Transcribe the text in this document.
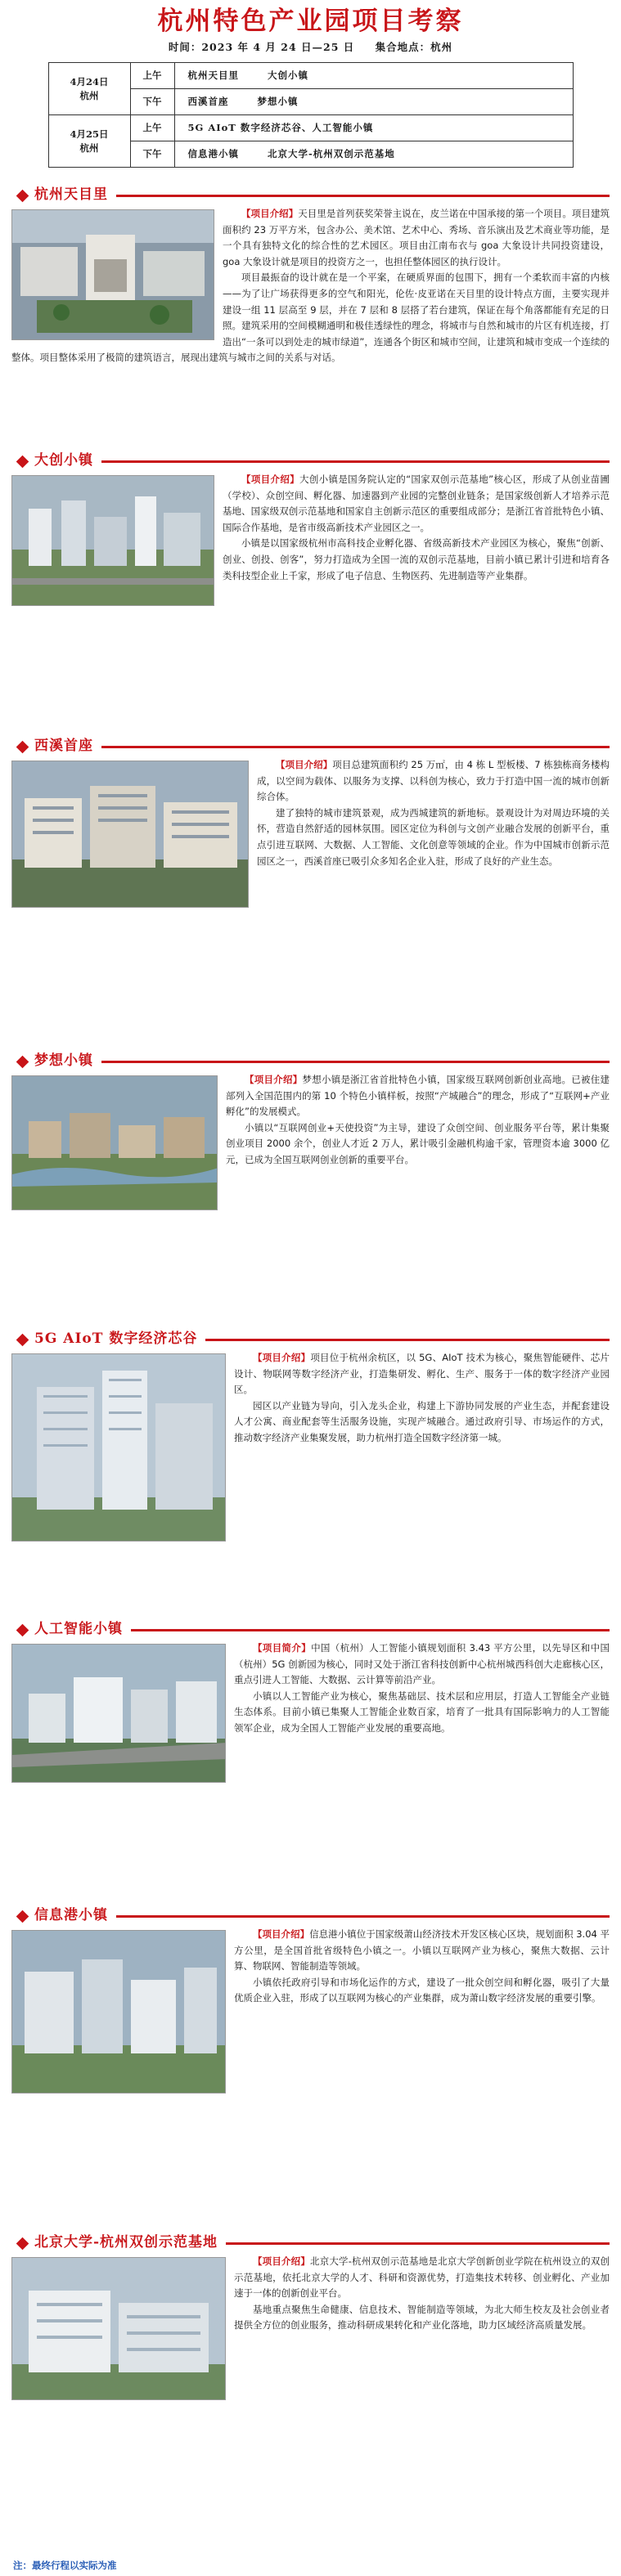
杭州特色产业园项目考察
时间：2023 年 4 月 24 日—25 日 集合地点：杭州
4月24日
杭州	上午	杭州天目里 大创小镇
	下午	西溪首座 梦想小镇

4月25日
杭州	上午	5G AIoT 数字经济芯谷、人工智能小镇
	下午	信息港小镇 北京大学-杭州双创示范基地
杭州天目里

【项目介绍】天目里是首列获奖荣誉主说在，皮兰诺在中国承接的第一个项目。项目建筑面积约 23 万平方米，包含办公、美术馆、艺术中心、秀场、音乐演出及艺术商业等功能，是一个具有独特文化的综合性的艺术园区。项目由江南布衣与 goa 大象设计共同投资建设，goa 大象设计就是项目的投资方之一，也担任整体园区的执行设计。

项目最振奋的设计就在是一个平案，在硬质界面的包围下，拥有一个柔软而丰富的内核——为了让广场获得更多的空气和阳光，伦佐·皮亚诺在天目里的设计特点方面，主要实现并建设一组 11 层高至 9 层，并在 7 层和 8 层搭了若台建筑，保证在每个角落都能有充足的日照。建筑采用的空间模糊通明和极佳透绿性的理念，将城市与自然和城市的片区有机连接，打造出“一条可以到处走的城市绿道”，连通各个街区和城市空间，让建筑和城市变成一个连续的整体。项目整体采用了极简的建筑语言，展现出建筑与城市之间的关系与对话。

大创小镇

【项目介绍】大创小镇是国务院认定的“国家双创示范基地”核心区，形成了从创业苗圃（学校）、众创空间、孵化器、加速器到产业园的完整创业链条；是国家级创新人才培养示范基地、国家级双创示范基地和国家自主创新示范区的重要组成部分；是浙江省首批特色小镇、国际合作基地，是省市级高新技术产业园区之一。

小镇是以国家级杭州市高科技企业孵化器、省级高新技术产业园区为核心，聚焦“创新、创业、创投、创客”，努力打造成为全国一流的双创示范基地，目前小镇已累计引进和培育各类科技型企业上千家，形成了电子信息、生物医药、先进制造等产业集群。

西溪首座

【项目介绍】项目总建筑面积约 25 万㎡，由 4 栋 L 型板楼、7 栋独栋商务楼构成，以空间为载体、以服务为支撑、以科创为核心，致力于打造中国一流的城市创新综合体。

建了独特的城市建筑景观，成为西城建筑的新地标。景观设计为对周边环境的关怀，营造自然舒适的园林氛围。园区定位为科创与文创产业融合发展的创新平台，重点引进互联网、大数据、人工智能、文化创意等领域的企业。作为中国城市创新示范园区之一，西溪首座已吸引众多知名企业入驻，形成了良好的产业生态。

梦想小镇

【项目介绍】梦想小镇是浙江省首批特色小镇，国家级互联网创新创业高地。已被住建部列入全国范围内的第 10 个特色小镇样板，按照“产城融合”的理念，形成了“互联网+产业孵化”的发展模式。

小镇以“互联网创业+天使投资”为主导，建设了众创空间、创业服务平台等，累计集聚创业项目 2000 余个，创业人才近 2 万人，累计吸引金融机构逾千家，管理资本逾 3000 亿元，已成为全国互联网创业创新的重要平台。

5G AIoT 数字经济芯谷

【项目介绍】项目位于杭州余杭区，以 5G、AIoT 技术为核心，聚焦智能硬件、芯片设计、物联网等数字经济产业，打造集研发、孵化、生产、服务于一体的数字经济产业园区。

园区以产业链为导向，引入龙头企业，构建上下游协同发展的产业生态，并配套建设人才公寓、商业配套等生活服务设施，实现产城融合。通过政府引导、市场运作的方式，推动数字经济产业集聚发展，助力杭州打造全国数字经济第一城。

人工智能小镇

【项目简介】中国（杭州）人工智能小镇规划面积 3.43 平方公里，以先导区和中国（杭州）5G 创新园为核心，同时又处于浙江省科技创新中心杭州城西科创大走廊核心区，重点引进人工智能、大数据、云计算等前沿产业。

小镇以人工智能产业为核心，聚焦基础层、技术层和应用层，打造人工智能全产业链生态体系。目前小镇已集聚人工智能企业数百家，培育了一批具有国际影响力的人工智能领军企业，成为全国人工智能产业发展的重要高地。

信息港小镇

【项目介绍】信息港小镇位于国家级萧山经济技术开发区核心区块，规划面积 3.04 平方公里，是全国首批省级特色小镇之一。小镇以互联网产业为核心，聚焦大数据、云计算、物联网、智能制造等领域。

小镇依托政府引导和市场化运作的方式，建设了一批众创空间和孵化器，吸引了大量优质企业入驻，形成了以互联网为核心的产业集群，成为萧山数字经济发展的重要引擎。

北京大学-杭州双创示范基地

【项目介绍】北京大学-杭州双创示范基地是北京大学创新创业学院在杭州设立的双创示范基地，依托北京大学的人才、科研和资源优势，打造集技术转移、创业孵化、产业加速于一体的创新创业平台。

基地重点聚焦生命健康、信息技术、智能制造等领域，为北大师生校友及社会创业者提供全方位的创业服务，推动科研成果转化和产业化落地，助力区域经济高质量发展。

注：最终行程以实际为准
